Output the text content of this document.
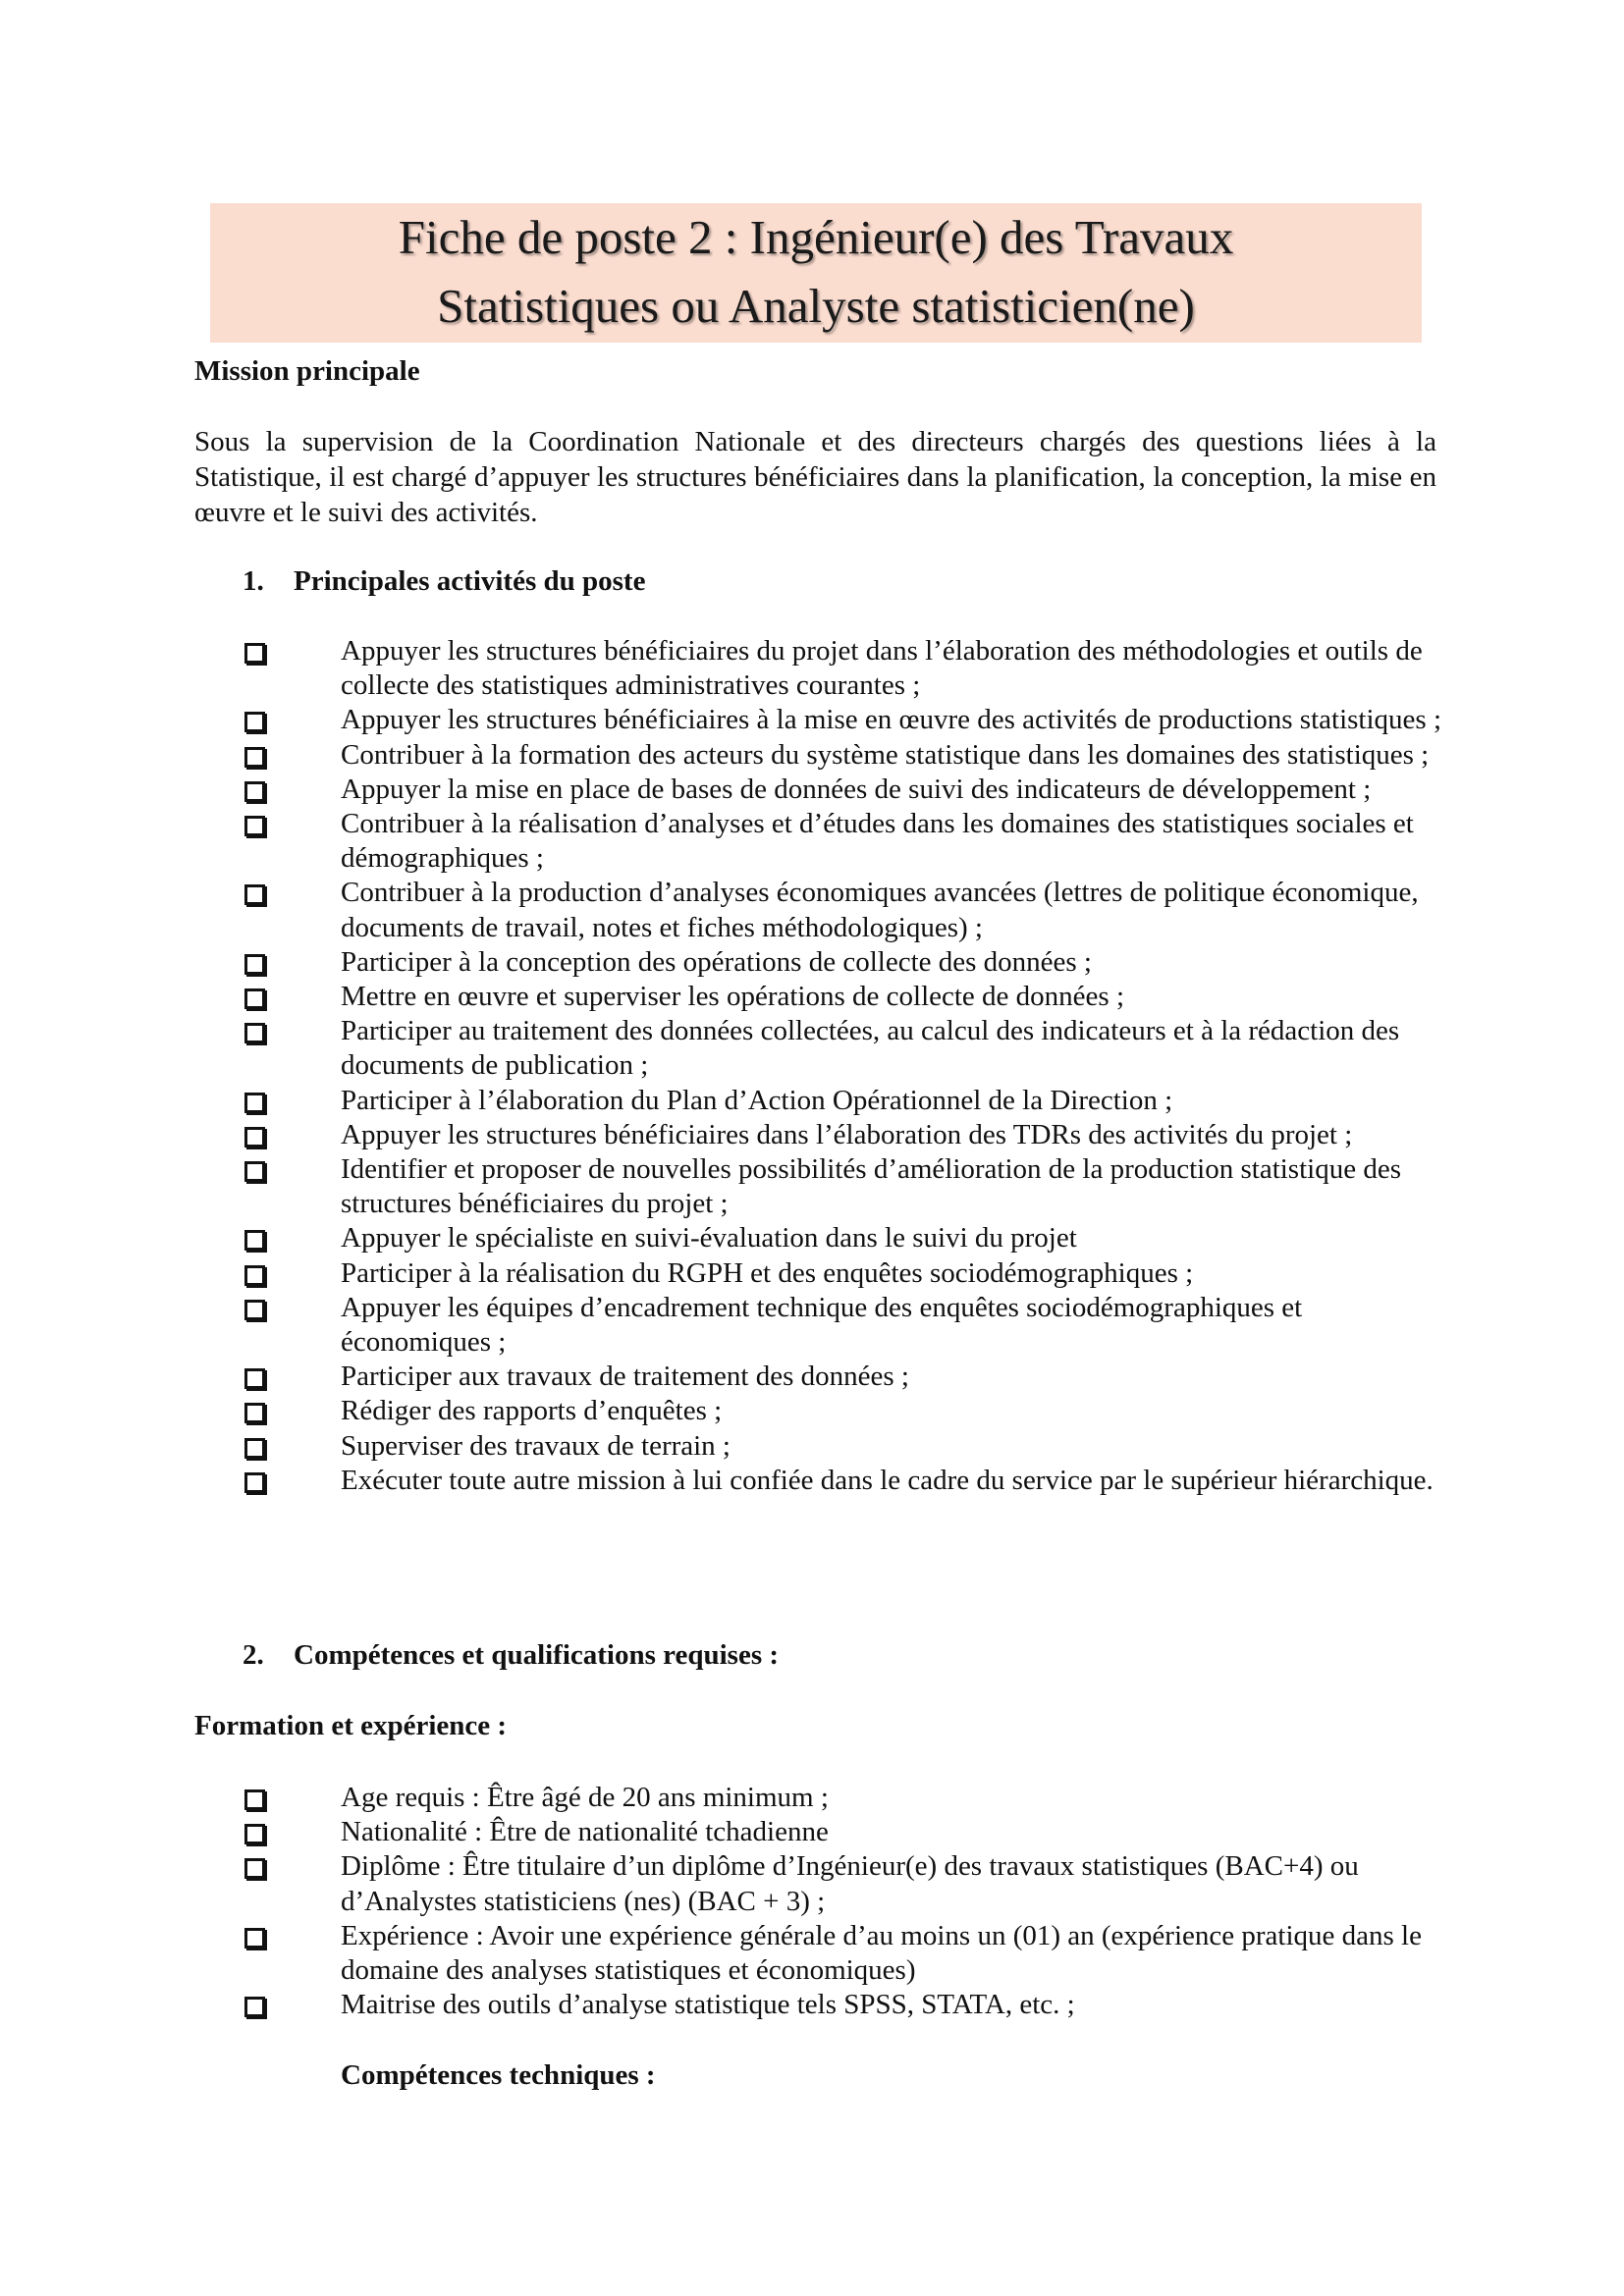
Fiche de poste 2 : Ingénieur(e) des Travaux
Statistiques ou Analyste statisticien(ne)
Mission principale
Sous la supervision de la Coordination Nationale et des directeurs chargés des questions liées à la Statistique, il est chargé d’appuyer les structures bénéficiaires dans la planification, la conception, la mise en œuvre et le suivi des activités.
1. Principales activités du poste
Appuyer les structures bénéficiaires du projet dans l’élaboration des méthodologies et outils de collecte des statistiques administratives courantes ;
Appuyer les structures bénéficiaires à la mise en œuvre des activités de productions statistiques ;
Contribuer à la formation des acteurs du système statistique dans les domaines des statistiques ;
Appuyer la mise en place de bases de données de suivi des indicateurs de développement ;
Contribuer à la réalisation d’analyses et d’études dans les domaines des statistiques sociales et démographiques ;
Contribuer à la production d’analyses économiques avancées (lettres de politique économique, documents de travail, notes et fiches méthodologiques) ;
Participer à la conception des opérations de collecte des données ;
Mettre en œuvre et superviser les opérations de collecte de données ;
Participer au traitement des données collectées, au calcul des indicateurs et à la rédaction des documents de publication ;
Participer à l’élaboration du Plan d’Action Opérationnel de la Direction ;
Appuyer les structures bénéficiaires dans l’élaboration des TDRs des activités du projet ;
Identifier et proposer de nouvelles possibilités d’amélioration de la production statistique des structures bénéficiaires du projet ;
Appuyer le spécialiste en suivi-évaluation dans le suivi du projet
Participer à la réalisation du RGPH et des enquêtes sociodémographiques ;
Appuyer les équipes d’encadrement technique des enquêtes sociodémographiques et économiques ;
Participer aux travaux de traitement des données ;
Rédiger des rapports d’enquêtes ;
Superviser des travaux de terrain ;
Exécuter toute autre mission à lui confiée dans le cadre du service par le supérieur hiérarchique.
2. Compétences et qualifications requises :
Formation et expérience :
Age requis : Être âgé de 20 ans minimum ;
Nationalité : Être de nationalité tchadienne
Diplôme : Être titulaire d’un diplôme d’Ingénieur(e) des travaux statistiques (BAC+4) ou d’Analystes statisticiens (nes) (BAC + 3) ;
Expérience : Avoir une expérience générale d’au moins un (01) an (expérience pratique dans le domaine des analyses statistiques et économiques)
Maitrise des outils d’analyse statistique tels SPSS, STATA, etc. ;
Compétences techniques :
